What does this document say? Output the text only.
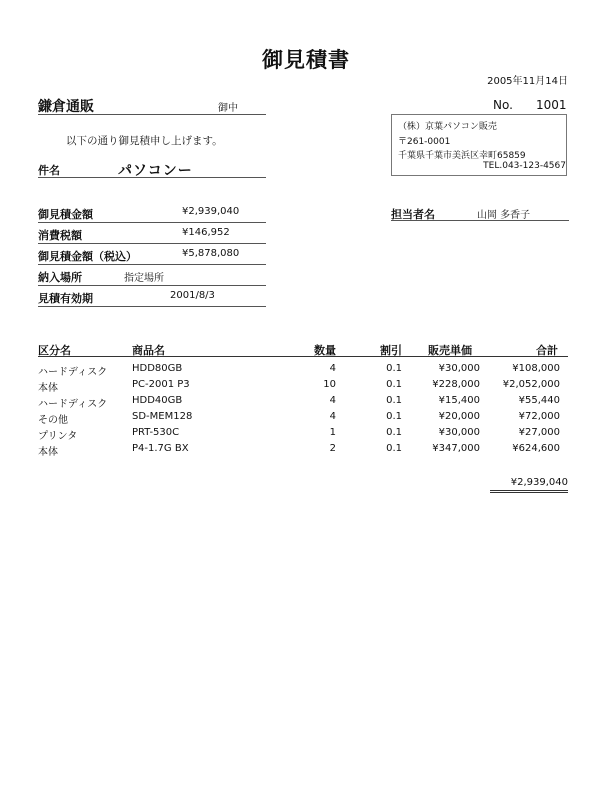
御見積書
2005年11月14日
鎌倉通販	御中
以下の通り御見積申し上げます。
件名	パソコンー
No. 1001
（株）京葉パソコン販売
〒261-0001
千葉県千葉市美浜区幸町65859
TEL.043-123-4567
御見積金額	¥2,939,040
消費税額	¥146,952
御見積金額（税込）	¥5,878,080
納入場所	指定場所
見積有効期	2001/8/3
担当者名	山岡 多香子
区分名	商品名	数量	割引 販売単価	合計
ハードディスク HDD80GB	4	0.1	¥30,000	¥108,000
本体	PC-2001 P3	10	0.1	¥228,000	¥2,052,000
ハードディスク HDD40GB	4	0.1	¥15,400	¥55,440
その他	SD-MEM128	4	0.1	¥20,000	¥72,000
プリンタ	PRT-530C	1	0.1	¥30,000	¥27,000
本体	P4-1.7G BX	2	0.1	¥347,000	¥624,600
¥2,939,040
